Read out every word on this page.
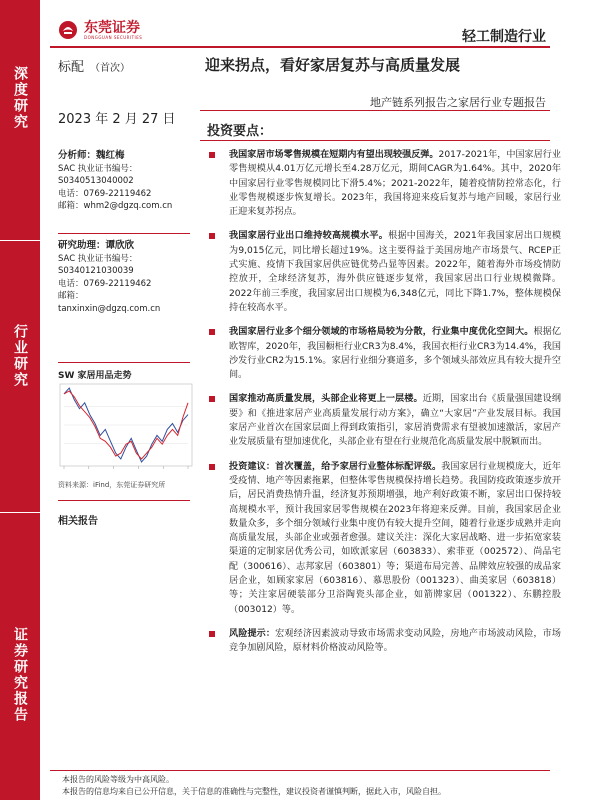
深度研究
行业研究
证券研究报告
东莞证券
DONGGUAN SECURITIES	轻工制造行业
标配 （首次）	迎来拐点，看好家居复苏与高质量发展
地产链系列报告之家居行业专题报告
2023 年 2 月 27 日
分析师：魏红梅
SAC 执业证书编号：
S0340513040002
电话：0769-22119462
邮箱：whm2@dgzq.com.cn
研究助理：谭欣欣
SAC 执业证书编号：
S0340121030039
电话：0769-22119462
邮箱：
tanxinxin@dgzq.com.cn
SW 家居用品走势
资料来源：iFind，东莞证券研究所
相关报告
投资要点：
我国家居市场零售规模在短期内有望出现较强反弹。2017-2021年，中国家居行业零售规模从4.01万亿元增长至4.28万亿元，期间CAGR为1.64%。其中，2020年中国家居行业零售规模同比下滑5.4%；2021-2022年，随着疫情防控常态化，行业零售规模逐步恢复增长。2023年，我国将迎来疫后复苏与地产回暖，家居行业正迎来复苏拐点。
我国家居行业出口维持较高规模水平。根据中国海关，2021年我国家居出口规模为9,015亿元，同比增长超过19%。这主要得益于美国房地产市场景气、RCEP正式实施、疫情下我国家居供应链优势凸显等因素。2022年，随着海外市场疫情防控放开，全球经济复苏，海外供应链逐步复常，我国家居出口行业规模微降。2022年前三季度，我国家居出口规模为6,348亿元，同比下降1.7%，整体规模保持在较高水平。
我国家居行业多个细分领域的市场格局较为分散，行业集中度优化空间大。根据亿欧智库，2020年，我国橱柜行业CR3为8.4%，我国衣柜行业CR3为14.4%，我国沙发行业CR2为15.1%。家居行业细分赛道多，多个领域头部效应具有较大提升空间。
国家推动高质量发展，头部企业将更上一层楼。近期，国家出台《质量强国建设纲要》和《推进家居产业高质量发展行动方案》，确立“大家居”产业发展目标。我国家居产业首次在国家层面上得到政策指引，家居消费需求有望被加速激活，家居产业发展质量有望加速优化，头部企业有望在行业规范化高质量发展中脱颖而出。
投资建议：首次覆盖，给予家居行业整体标配评级。我国家居行业规模庞大，近年受疫情、地产等因素拖累，但整体零售规模保持增长趋势。我国防疫政策逐步放开后，居民消费热情升温，经济复苏预期增强，地产利好政策不断，家居出口保持较高规模水平，预计我国家居零售规模在2023年将迎来反弹。目前，我国家居企业数量众多，多个细分领域行业集中度仍有较大提升空间，随着行业逐步成熟并走向高质量发展，头部企业或强者愈强。建议关注：深化大家居战略、进一步拓宽家装渠道的定制家居优秀公司，如欧派家居（603833）、索菲亚（002572）、尚品宅配（300616）、志邦家居（603801）等；渠道布局完善、品牌效应较强的成品家居企业，如顾家家居（603816）、慕思股份（001323）、曲美家居（603818）等；关注家居硬装部分卫浴陶瓷头部企业，如箭牌家居（001322）、东鹏控股（003012）等。
风险提示：宏观经济因素波动导致市场需求变动风险，房地产市场波动风险，市场竞争加剧风险，原材料价格波动风险等。
本报告的风险等级为中高风险。
本报告的信息均来自已公开信息，关于信息的准确性与完整性，建议投资者谨慎判断，据此入市，风险自担。
